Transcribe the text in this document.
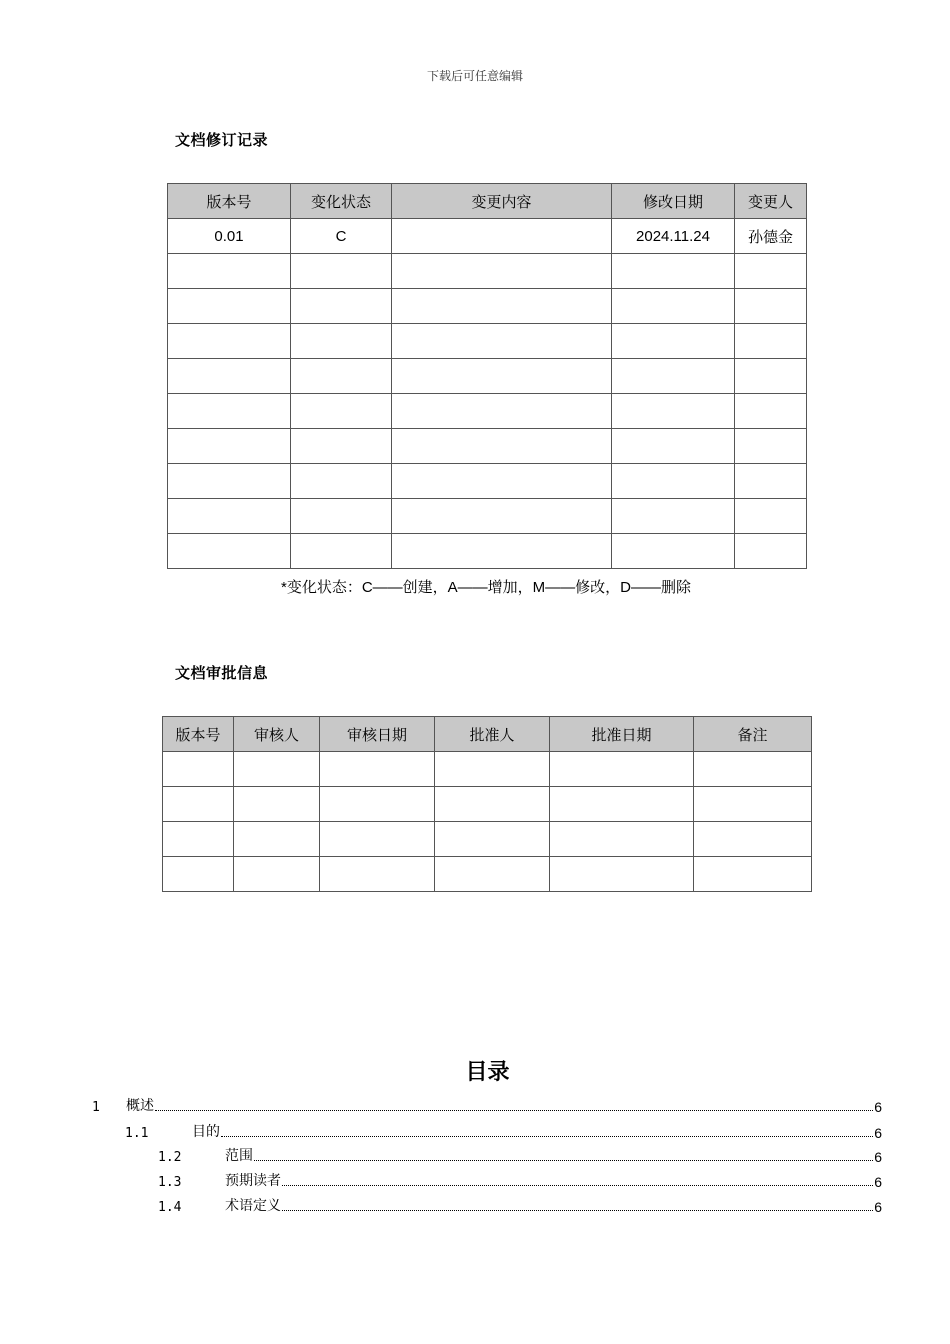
下载后可任意编辑
文档修订记录
版本号	变化状态	变更内容	修改日期	变更人
0.01	C		2024.11.24	孙德金

*变化状态：C——创建，A——增加，M——修改，D——删除
文档审批信息
版本号	审核人	审核日期	批准人	批准日期	备注

目录
1	概述	6
1.1	目的	6
1.2	范围	6
1.3	预期读者	6
1.4	术语定义	6
